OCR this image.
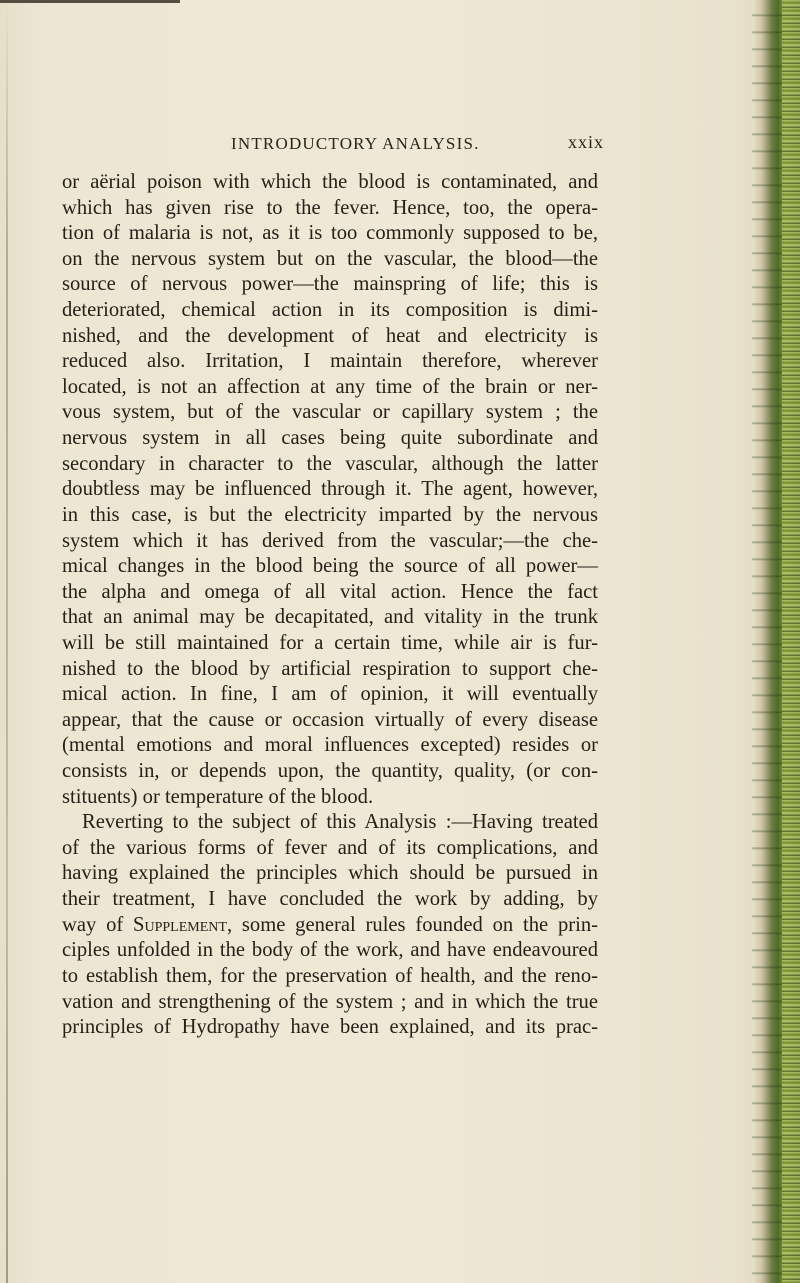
INTRODUCTORY ANALYSIS.	xxix
or aërial poison with which the blood is contaminated, and
which has given rise to the fever. Hence, too, the opera-
tion of malaria is not, as it is too commonly supposed to be,
on the nervous system but on the vascular, the blood—the
source of nervous power—the mainspring of life; this is
deteriorated, chemical action in its composition is dimi-
nished, and the development of heat and electricity is
reduced also. Irritation, I maintain therefore, wherever
located, is not an affection at any time of the brain or ner-
vous system, but of the vascular or capillary system ; the
nervous system in all cases being quite subordinate and
secondary in character to the vascular, although the latter
doubtless may be influenced through it. The agent, however,
in this case, is but the electricity imparted by the nervous
system which it has derived from the vascular;—the che-
mical changes in the blood being the source of all power—
the alpha and omega of all vital action. Hence the fact
that an animal may be decapitated, and vitality in the trunk
will be still maintained for a certain time, while air is fur-
nished to the blood by artificial respiration to support che-
mical action. In fine, I am of opinion, it will eventually
appear, that the cause or occasion virtually of every disease
(mental emotions and moral influences excepted) resides or
consists in, or depends upon, the quantity, quality, (or con-
stituents) or temperature of the blood.
Reverting to the subject of this Analysis :—Having treated
of the various forms of fever and of its complications, and
having explained the principles which should be pursued in
their treatment, I have concluded the work by adding, by
way of Supplement, some general rules founded on the prin-
ciples unfolded in the body of the work, and have endeavoured
to establish them, for the preservation of health, and the reno-
vation and strengthening of the system ; and in which the true
principles of Hydropathy have been explained, and its prac-
